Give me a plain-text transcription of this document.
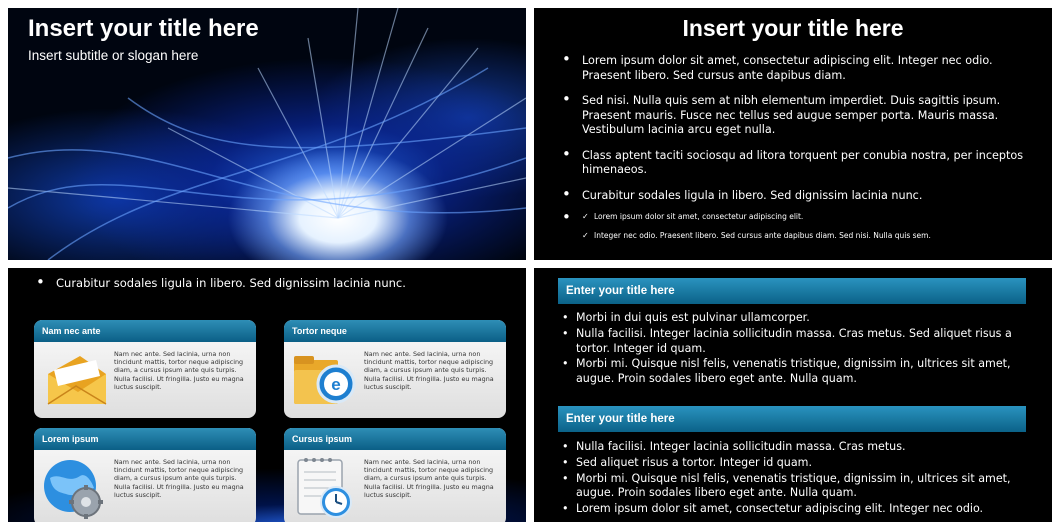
Insert your title here
Insert subtitle or slogan here
Insert your title here
• Lorem ipsum dolor sit amet, consectetur adipiscing elit. Integer nec odio. Praesent libero. Sed cursus ante dapibus diam.
• Sed nisi. Nulla quis sem at nibh elementum imperdiet. Duis sagittis ipsum. Praesent mauris. Fusce nec tellus sed augue semper porta. Mauris massa. Vestibulum lacinia arcu eget nulla.
• Class aptent taciti sociosqu ad litora torquent per conubia nostra, per inceptos himenaeos.
• Curabitur sodales ligula in libero. Sed dignissim lacinia nunc.
✓ • Lorem ipsum dolor sit amet, consectetur adipiscing elit.
✓ Integer nec odio. Praesent libero. Sed cursus ante dapibus diam. Sed nisi. Nulla quis sem.
• Curabitur sodales ligula in libero. Sed dignissim lacinia nunc.
Nam nec ante
Nam nec ante. Sed lacinia, urna non tincidunt mattis, tortor neque adipiscing diam, a cursus ipsum ante quis turpis. Nulla facilisi. Ut fringilla. Justo eu magna luctus suscipit.
Tortor neque
e
Nam nec ante. Sed lacinia, urna non tincidunt mattis, tortor neque adipiscing diam, a cursus ipsum ante quis turpis. Nulla facilisi. Ut fringilla. Justo eu magna luctus suscipit.
Lorem ipsum
Nam nec ante. Sed lacinia, urna non tincidunt mattis, tortor neque adipiscing diam, a cursus ipsum ante quis turpis. Nulla facilisi. Ut fringilla. Justo eu magna luctus suscipit.
Cursus ipsum
Nam nec ante. Sed lacinia, urna non tincidunt mattis, tortor neque adipiscing diam, a cursus ipsum ante quis turpis. Nulla facilisi. Ut fringilla. Justo eu magna luctus suscipit.
Enter your title here
• Morbi in dui quis est pulvinar ullamcorper.
• Nulla facilisi. Integer lacinia sollicitudin massa. Cras metus. Sed aliquet risus a tortor. Integer id quam.
• Morbi mi. Quisque nisl felis, venenatis tristique, dignissim in, ultrices sit amet, augue. Proin sodales libero eget ante. Nulla quam.
Enter your title here
• Nulla facilisi. Integer lacinia sollicitudin massa. Cras metus.
• Sed aliquet risus a tortor. Integer id quam.
• Morbi mi. Quisque nisl felis, venenatis tristique, dignissim in, ultrices sit amet, augue. Proin sodales libero eget ante. Nulla quam.
• Lorem ipsum dolor sit amet, consectetur adipiscing elit. Integer nec odio.
